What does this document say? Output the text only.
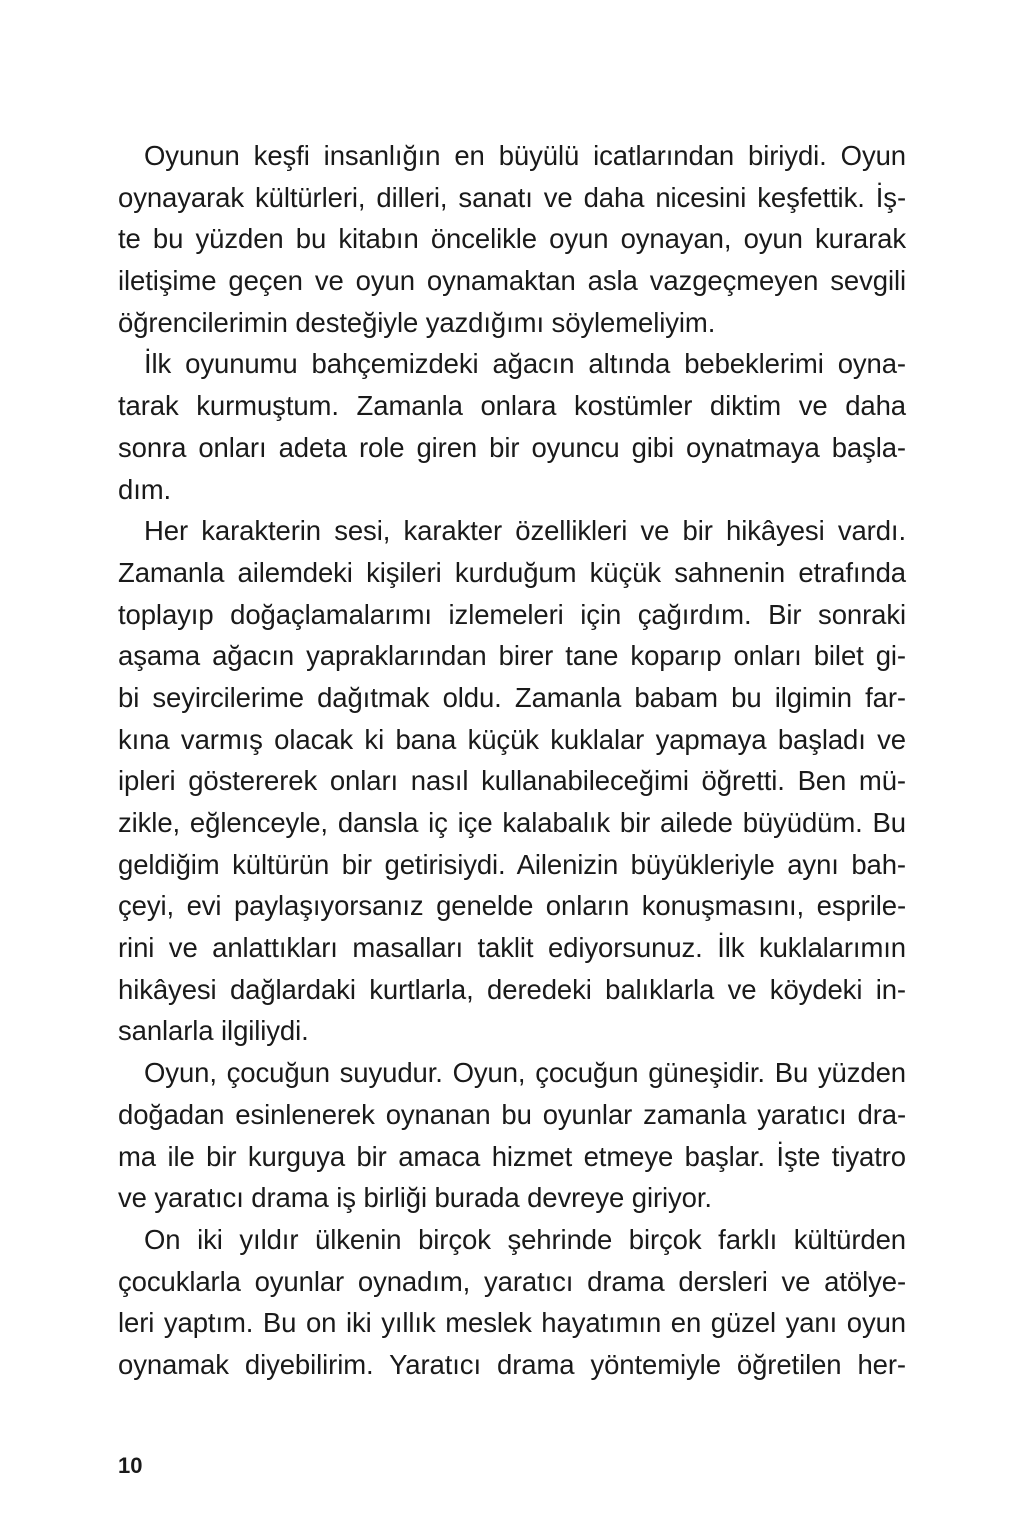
Oyunun keşfi insanlığın en büyülü icatlarından biriydi. Oyun
oynayarak kültürleri, dilleri, sanatı ve daha nicesini keşfettik. İş-
te bu yüzden bu kitabın öncelikle oyun oynayan, oyun kurarak
iletişime geçen ve oyun oynamaktan asla vazgeçmeyen sevgili
öğrencilerimin desteğiyle yazdığımı söylemeliyim.
İlk oyunumu bahçemizdeki ağacın altında bebeklerimi oyna-
tarak kurmuştum. Zamanla onlara kostümler diktim ve daha
sonra onları adeta role giren bir oyuncu gibi oynatmaya başla-
dım.
Her karakterin sesi, karakter özellikleri ve bir hikâyesi vardı.
Zamanla ailemdeki kişileri kurduğum küçük sahnenin etrafında
toplayıp doğaçlamalarımı izlemeleri için çağırdım. Bir sonraki
aşama ağacın yapraklarından birer tane koparıp onları bilet gi-
bi seyircilerime dağıtmak oldu. Zamanla babam bu ilgimin far-
kına varmış olacak ki bana küçük kuklalar yapmaya başladı ve
ipleri göstererek onları nasıl kullanabileceğimi öğretti. Ben mü-
zikle, eğlenceyle, dansla iç içe kalabalık bir ailede büyüdüm. Bu
geldiğim kültürün bir getirisiydi. Ailenizin büyükleriyle aynı bah-
çeyi, evi paylaşıyorsanız genelde onların konuşmasını, esprile-
rini ve anlattıkları masalları taklit ediyorsunuz. İlk kuklalarımın
hikâyesi dağlardaki kurtlarla, deredeki balıklarla ve köydeki in-
sanlarla ilgiliydi.
Oyun, çocuğun suyudur. Oyun, çocuğun güneşidir. Bu yüzden
doğadan esinlenerek oynanan bu oyunlar zamanla yaratıcı dra-
ma ile bir kurguya bir amaca hizmet etmeye başlar. İşte tiyatro
ve yaratıcı drama iş birliği burada devreye giriyor.
On iki yıldır ülkenin birçok şehrinde birçok farklı kültürden
çocuklarla oyunlar oynadım, yaratıcı drama dersleri ve atölye-
leri yaptım. Bu on iki yıllık meslek hayatımın en güzel yanı oyun
oynamak diyebilirim. Yaratıcı drama yöntemiyle öğretilen her-
10
